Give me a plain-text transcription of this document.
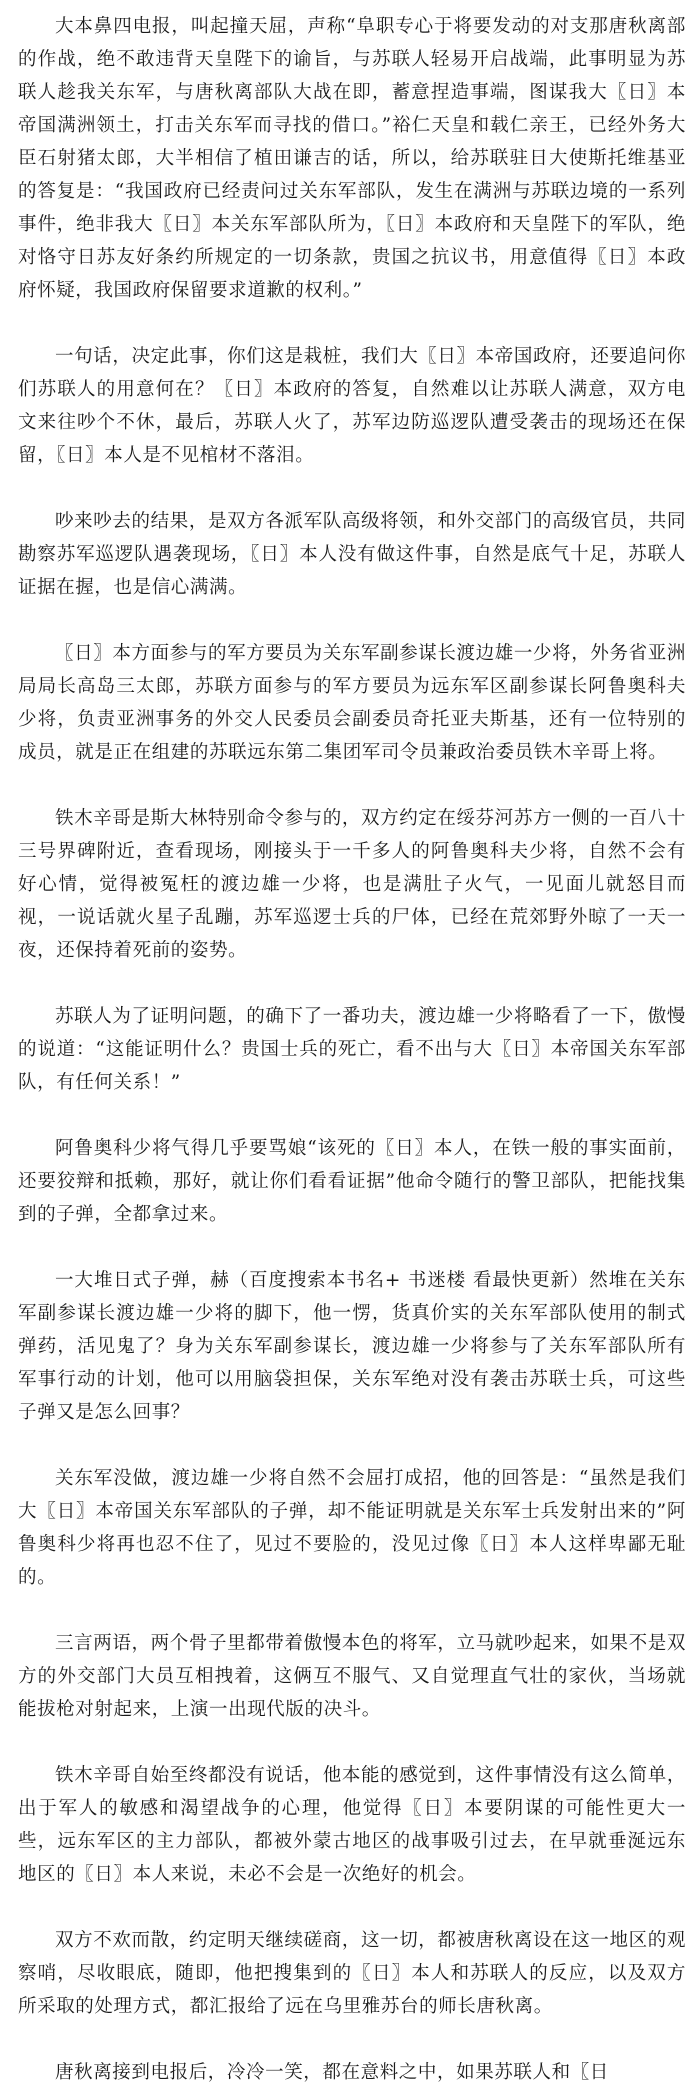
大本鼻四电报，叫起撞天屈，声称“阜职专心于将要发动的对支那唐秋离部的作战，绝不敢违背天皇陛下的谕旨，与苏联人轻易开启战端，此事明显为苏联人趁我关东军，与唐秋离部队大战在即，蓄意捏造事端，图谋我大〖日〗本帝国满洲领土，打击关东军而寻找的借口。”裕仁天皇和载仁亲王，已经外务大臣石射猪太郎，大半相信了植田谦吉的话，所以，给苏联驻日大使斯托维基亚的答复是：“我国政府已经责问过关东军部队，发生在满洲与苏联边境的一系列事件，绝非我大〖日〗本关东军部队所为，〖日〗本政府和天皇陛下的军队，绝对恪守日苏友好条约所规定的一切条款，贵国之抗议书，用意值得〖日〗本政府怀疑，我国政府保留要求道歉的权利。”

一句话，决定此事，你们这是栽桩，我们大〖日〗本帝国政府，还要追问你们苏联人的用意何在？〖日〗本政府的答复，自然难以让苏联人满意，双方电文来往吵个不休，最后，苏联人火了，苏军边防巡逻队遭受袭击的现场还在保留，〖日〗本人是不见棺材不落泪。

吵来吵去的结果，是双方各派军队高级将领，和外交部门的高级官员，共同勘察苏军巡逻队遇袭现场，〖日〗本人没有做这件事，自然是底气十足，苏联人证据在握，也是信心满满。

〖日〗本方面参与的军方要员为关东军副参谋长渡边雄一少将，外务省亚洲局局长高岛三太郎，苏联方面参与的军方要员为远东军区副参谋长阿鲁奥科夫少将，负责亚洲事务的外交人民委员会副委员奇托亚夫斯基，还有一位特别的成员，就是正在组建的苏联远东第二集团军司令员兼政治委员铁木辛哥上将。

铁木辛哥是斯大林特别命令参与的，双方约定在绥芬河苏方一侧的一百八十三号界碑附近，查看现场，刚接头于一千多人的阿鲁奥科夫少将，自然不会有好心情，觉得被冤枉的渡边雄一少将，也是满肚子火气，一见面儿就怒目而视，一说话就火星子乱蹦，苏军巡逻士兵的尸体，已经在荒郊野外晾了一天一夜，还保持着死前的姿势。

苏联人为了证明问题，的确下了一番功夫，渡边雄一少将略看了一下，傲慢的说道：“这能证明什么？贵国士兵的死亡，看不出与大〖日〗本帝国关东军部队，有任何关系！”

阿鲁奥科少将气得几乎要骂娘“该死的〖日〗本人，在铁一般的事实面前，还要狡辩和抵赖，那好，就让你们看看证据”他命令随行的警卫部队，把能找集到的子弹，全都拿过来。

一大堆日式子弹，赫（百度搜索本书名+ 书迷楼 看最快更新）然堆在关东军副参谋长渡边雄一少将的脚下，他一愣，货真价实的关东军部队使用的制式弹药，活见鬼了？身为关东军副参谋长，渡边雄一少将参与了关东军部队所有军事行动的计划，他可以用脑袋担保，关东军绝对没有袭击苏联士兵，可这些子弹又是怎么回事？

关东军没做，渡边雄一少将自然不会屈打成招，他的回答是：“虽然是我们大〖日〗本帝国关东军部队的子弹，却不能证明就是关东军士兵发射出来的”阿鲁奥科少将再也忍不住了，见过不要脸的，没见过像〖日〗本人这样卑鄙无耻的。

三言两语，两个骨子里都带着傲慢本色的将军，立马就吵起来，如果不是双方的外交部门大员互相拽着，这俩互不服气、又自觉理直气壮的家伙，当场就能拔枪对射起来，上演一出现代版的决斗。

铁木辛哥自始至终都没有说话，他本能的感觉到，这件事情没有这么简单，出于军人的敏感和渴望战争的心理，他觉得〖日〗本要阴谋的可能性更大一些，远东军区的主力部队，都被外蒙古地区的战事吸引过去，在早就垂涎远东地区的〖日〗本人来说，未必不会是一次绝好的机会。

双方不欢而散，约定明天继续磋商，这一切，都被唐秋离设在这一地区的观察哨，尽收眼底，随即，他把搜集到的〖日〗本人和苏联人的反应，以及双方所采取的处理方式，都汇报给了远在乌里雅苏台的师长唐秋离。

唐秋离接到电报后，冷冷一笑，都在意料之中，如果苏联人和〖日
